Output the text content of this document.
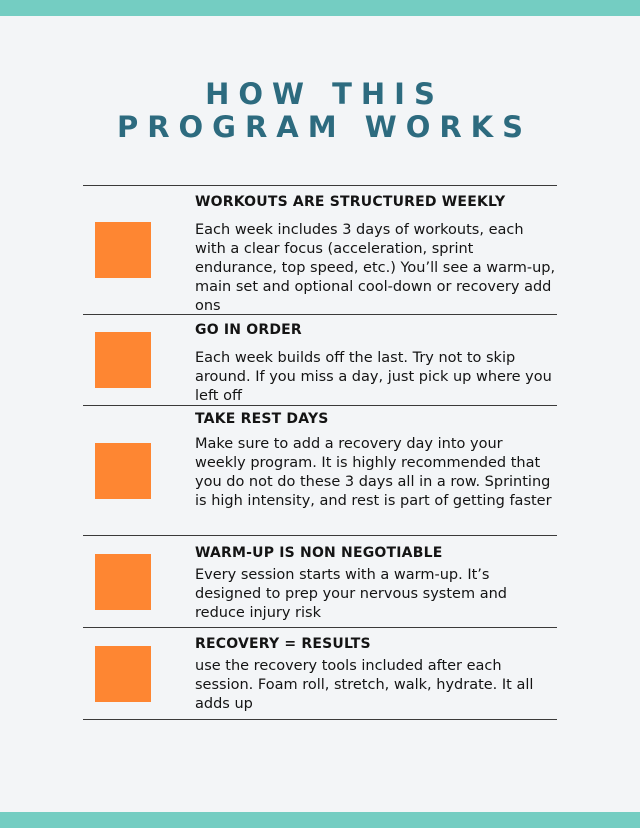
HOW THIS
PROGRAM WORKS
WORKOUTS ARE STRUCTURED WEEKLY
Each week includes 3 days of workouts, each with a clear focus (acceleration, sprint endurance, top speed, etc.) You’ll see a warm-up, main set and optional cool-down or recovery add ons
GO IN ORDER
Each week builds off the last. Try not to skip around. If you miss a day, just pick up where you left off
TAKE REST DAYS
Make sure to add a recovery day into your weekly program. It is highly recommended that you do not do these 3 days all in a row. Sprinting is high intensity, and rest is part of getting faster
WARM-UP IS NON NEGOTIABLE
Every session starts with a warm-up. It’s designed to prep your nervous system and reduce injury risk
RECOVERY = RESULTS
use the recovery tools included after each session. Foam roll, stretch, walk, hydrate. It all adds up
